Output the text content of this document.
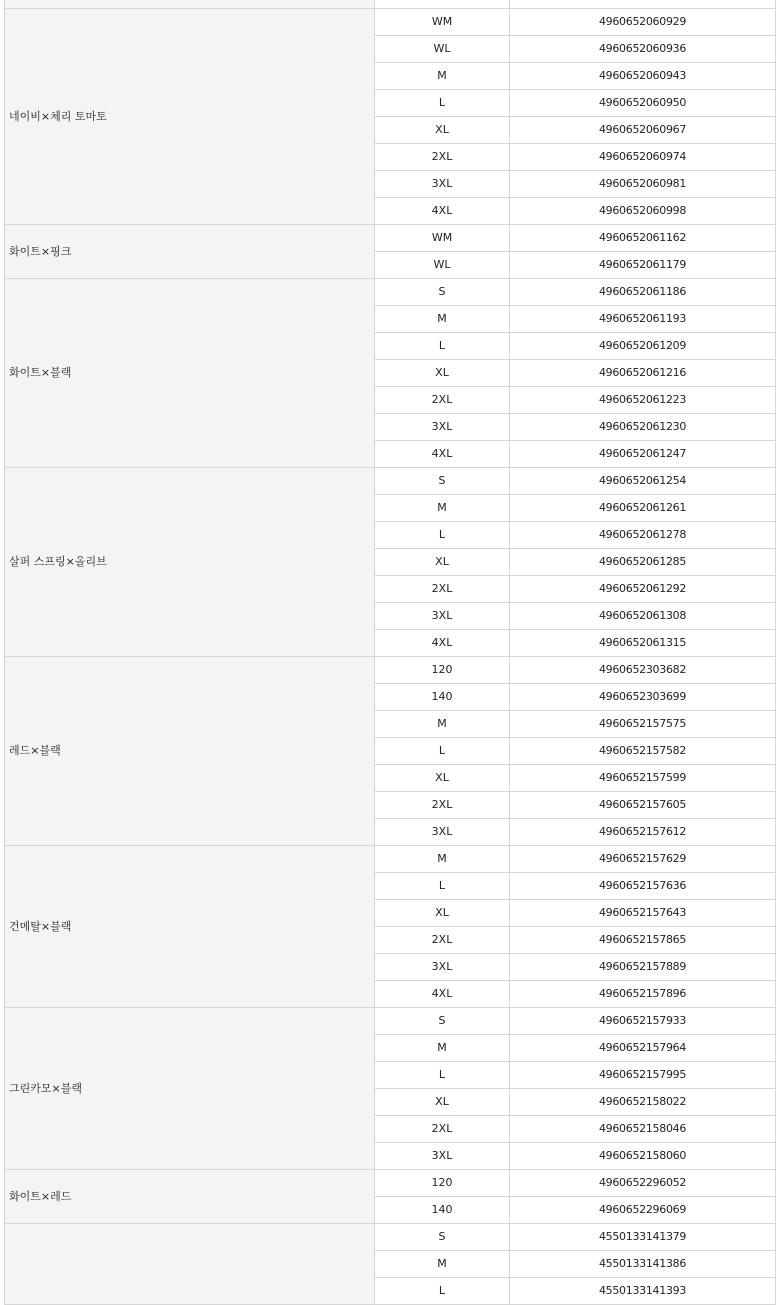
네이비×체리 토마토	WM	4960652060929
	WL	4960652060936
	M	4960652060943
	L	4960652060950
	XL	4960652060967
	2XL	4960652060974
	3XL	4960652060981
	4XL	4960652060998
화이트×핑크	WM	4960652061162
	WL	4960652061179
화이트×블랙	S	4960652061186
	M	4960652061193
	L	4960652061209
	XL	4960652061216
	2XL	4960652061223
	3XL	4960652061230
	4XL	4960652061247
살퍼 스프링×올리브	S	4960652061254
	M	4960652061261
	L	4960652061278
	XL	4960652061285
	2XL	4960652061292
	3XL	4960652061308
	4XL	4960652061315
레드×블랙	120	4960652303682
	140	4960652303699
	M	4960652157575
	L	4960652157582
	XL	4960652157599
	2XL	4960652157605
	3XL	4960652157612
건메탈×블랙	M	4960652157629
	L	4960652157636
	XL	4960652157643
	2XL	4960652157865
	3XL	4960652157889
	4XL	4960652157896
그린카모×블랙	S	4960652157933
	M	4960652157964
	L	4960652157995
	XL	4960652158022
	2XL	4960652158046
	3XL	4960652158060
화이트×레드	120	4960652296052
	140	4960652296069
	S	4550133141379
	M	4550133141386
	L	4550133141393
